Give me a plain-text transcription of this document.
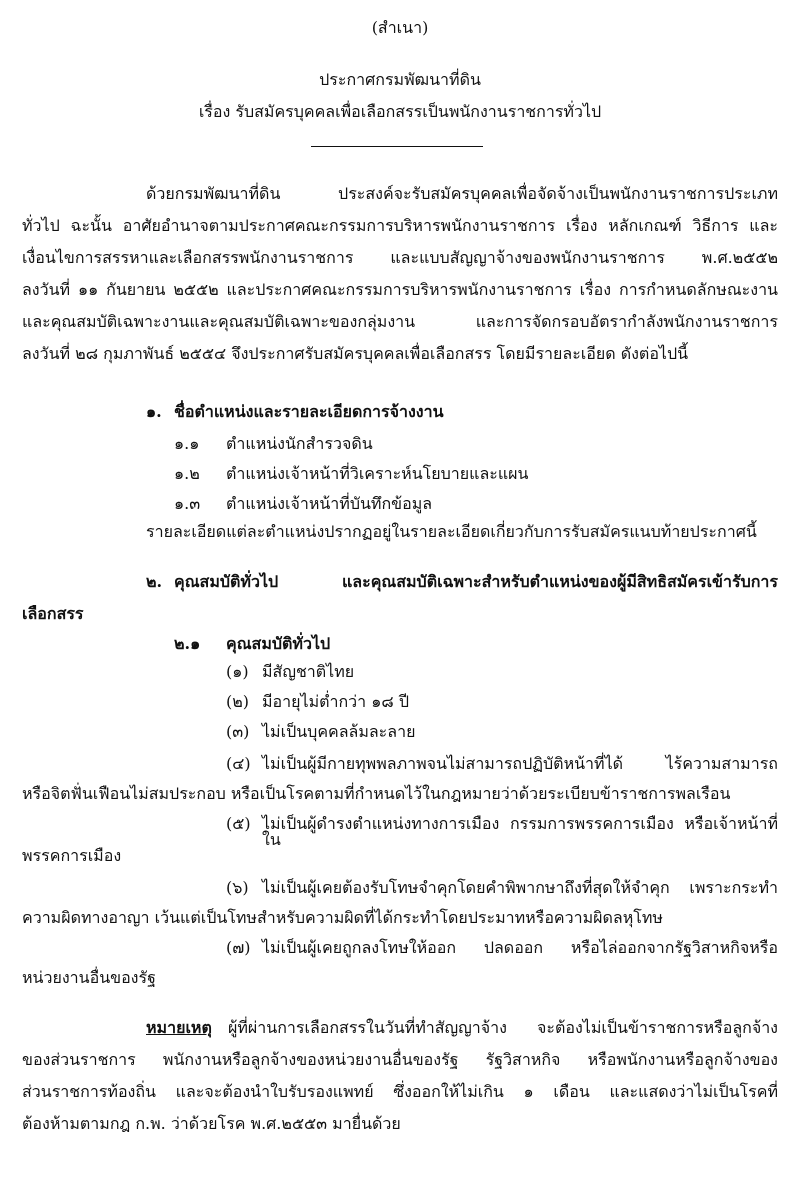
(สำเนา)
ประกาศกรมพัฒนาที่ดิน
เรื่อง รับสมัครบุคคลเพื่อเลือกสรรเป็นพนักงานราชการทั่วไป
ด้วยกรมพัฒนาที่ดิน ประสงค์จะรับสมัครบุคคลเพื่อจัดจ้างเป็นพนักงานราชการประเภท
ทั่วไป ฉะนั้น อาศัยอำนาจตามประกาศคณะกรรมการบริหารพนักงานราชการ เรื่อง หลักเกณฑ์ วิธีการ และ
เงื่อนไขการสรรหาและเลือกสรรพนักงานราชการ และแบบสัญญาจ้างของพนักงานราชการ พ.ศ.๒๕๕๒
ลงวันที่ ๑๑ กันยายน ๒๕๕๒ และประกาศคณะกรรมการบริหารพนักงานราชการ เรื่อง การกำหนดลักษณะงาน
และคุณสมบัติเฉพาะงานและคุณสมบัติเฉพาะของกลุ่มงาน และการจัดกรอบอัตรากำลังพนักงานราชการ
ลงวันที่ ๒๘ กุมภาพันธ์ ๒๕๕๔ จึงประกาศรับสมัครบุคคลเพื่อเลือกสรร โดยมีรายละเอียด ดังต่อไปนี้
๑. ชื่อตำแหน่งและรายละเอียดการจ้างงาน
๑.๑ ตำแหน่งนักสำรวจดิน
๑.๒ ตำแหน่งเจ้าหน้าที่วิเคราะห์นโยบายและแผน
๑.๓ ตำแหน่งเจ้าหน้าที่บันทึกข้อมูล
รายละเอียดแต่ละตำแหน่งปรากฏอยู่ในรายละเอียดเกี่ยวกับการรับสมัครแนบท้ายประกาศนี้
๒. คุณสมบัติทั่วไป และคุณสมบัติเฉพาะสำหรับตำแหน่งของผู้มีสิทธิสมัครเข้ารับการ
เลือกสรร
๒.๑ คุณสมบัติทั่วไป
(๑) มีสัญชาติไทย
(๒) มีอายุไม่ต่ำกว่า ๑๘ ปี
(๓) ไม่เป็นบุคคลล้มละลาย
(๔) ไม่เป็นผู้มีกายทุพพลภาพจนไม่สามารถปฏิบัติหน้าที่ได้ ไร้ความสามารถ
หรือจิตฟั่นเฟือนไม่สมประกอบ หรือเป็นโรคตามที่กำหนดไว้ในกฎหมายว่าด้วยระเบียบข้าราชการพลเรือน
(๕) ไม่เป็นผู้ดำรงตำแหน่งทางการเมือง กรรมการพรรคการเมือง หรือเจ้าหน้าที่ใน
พรรคการเมือง
(๖) ไม่เป็นผู้เคยต้องรับโทษจำคุกโดยคำพิพากษาถึงที่สุดให้จำคุก เพราะกระทำ
ความผิดทางอาญา เว้นแต่เป็นโทษสำหรับความผิดที่ได้กระทำโดยประมาทหรือความผิดลหุโทษ
(๗) ไม่เป็นผู้เคยถูกลงโทษให้ออก ปลดออก หรือไล่ออกจากรัฐวิสาหกิจหรือ
หน่วยงานอื่นของรัฐ
หมายเหตุ ผู้ที่ผ่านการเลือกสรรในวันที่ทำสัญญาจ้าง จะต้องไม่เป็นข้าราชการหรือลูกจ้าง
ของส่วนราชการ พนักงานหรือลูกจ้างของหน่วยงานอื่นของรัฐ รัฐวิสาหกิจ หรือพนักงานหรือลูกจ้างของ
ส่วนราชการท้องถิ่น และจะต้องนำใบรับรองแพทย์ ซึ่งออกให้ไม่เกิน ๑ เดือน และแสดงว่าไม่เป็นโรคที่
ต้องห้ามตามกฎ ก.พ. ว่าด้วยโรค พ.ศ.๒๕๕๓ มายื่นด้วย
